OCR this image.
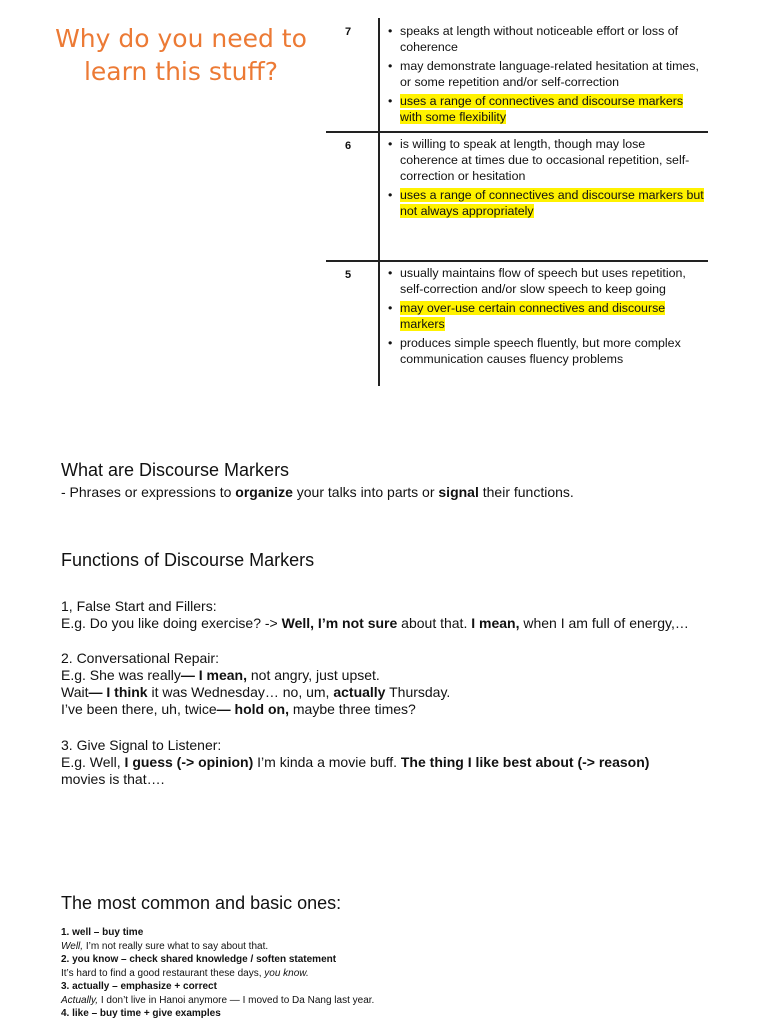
Why do you need to
learn this stuff?
7	• speaks at length without noticeable effort or loss of coherence
• may demonstrate language-related hesitation at times, or some repetition and/or self-correction
• uses a range of connectives and discourse markers with some flexibility
6	• is willing to speak at length, though may lose coherence at times due to occasional repetition, self-correction or hesitation
• uses a range of connectives and discourse markers but not always appropriately
5	• usually maintains flow of speech but uses repetition, self-correction and/or slow speech to keep going
• may over-use certain connectives and discourse markers
• produces simple speech fluently, but more complex communication causes fluency problems
What are Discourse Markers
- Phrases or expressions to organize your talks into parts or signal their functions.
Functions of Discourse Markers
1, False Start and Fillers:
E.g. Do you like doing exercise? -> Well, I’m not sure about that. I mean, when I am full of energy,…
2. Conversational Repair:
E.g. She was really— I mean, not angry, just upset.
Wait— I think it was Wednesday… no, um, actually Thursday.
I’ve been there, uh, twice— hold on, maybe three times?
3. Give Signal to Listener:
E.g. Well, I guess (-> opinion) I’m kinda a movie buff. The thing I like best about (-> reason)
movies is that….
The most common and basic ones:
1. well – buy time
Well, I’m not really sure what to say about that.
2. you know – check shared knowledge / soften statement
It’s hard to find a good restaurant these days, you know.
3. actually – emphasize + correct
Actually, I don’t live in Hanoi anymore — I moved to Da Nang last year.
4. like – buy time + give examples
